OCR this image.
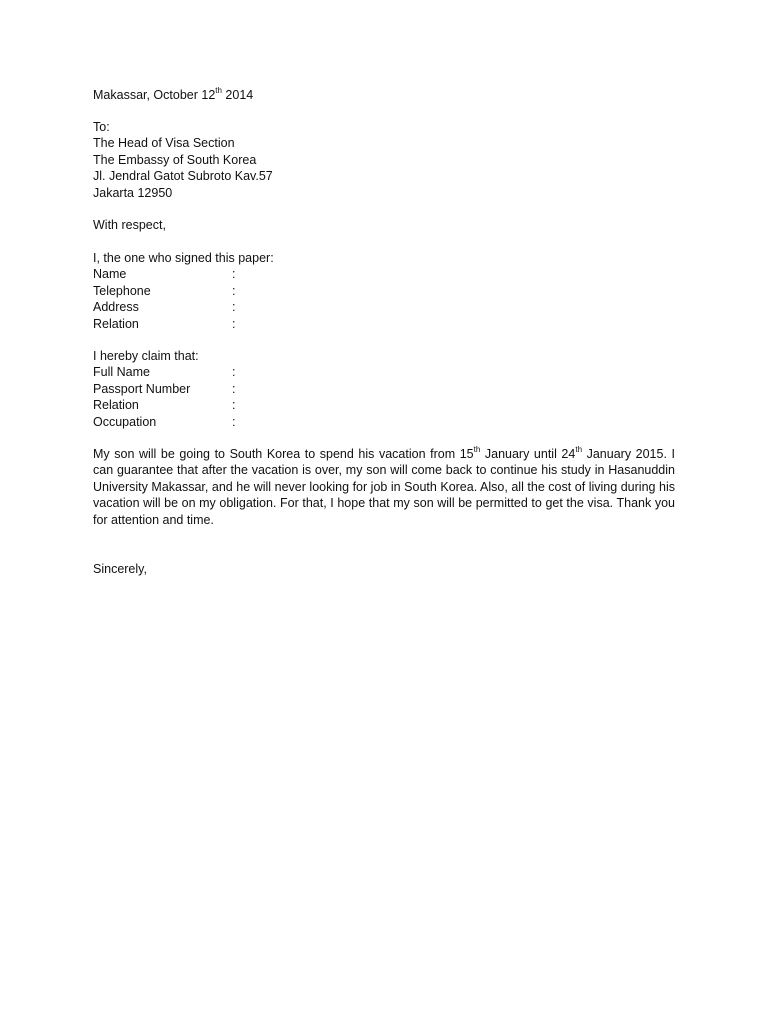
Makassar, October 12th 2014
To:
The Head of Visa Section
The Embassy of South Korea
Jl. Jendral Gatot Subroto Kav.57
Jakarta 12950
With respect,
I, the one who signed this paper:
Name	:
Telephone	:
Address	:
Relation	:
I hereby claim that:
Full Name	:
Passport Number	:
Relation	:
Occupation	:

My son will be going to South Korea to spend his vacation from 15th January until 24th January 2015. I can guarantee that after the vacation is over, my son will come back to continue his study in Hasanuddin University Makassar, and he will never looking for job in South Korea. Also, all the cost of living during his vacation will be on my obligation. For that, I hope that my son will be permitted to get the visa. Thank you for attention and time.

Sincerely,
